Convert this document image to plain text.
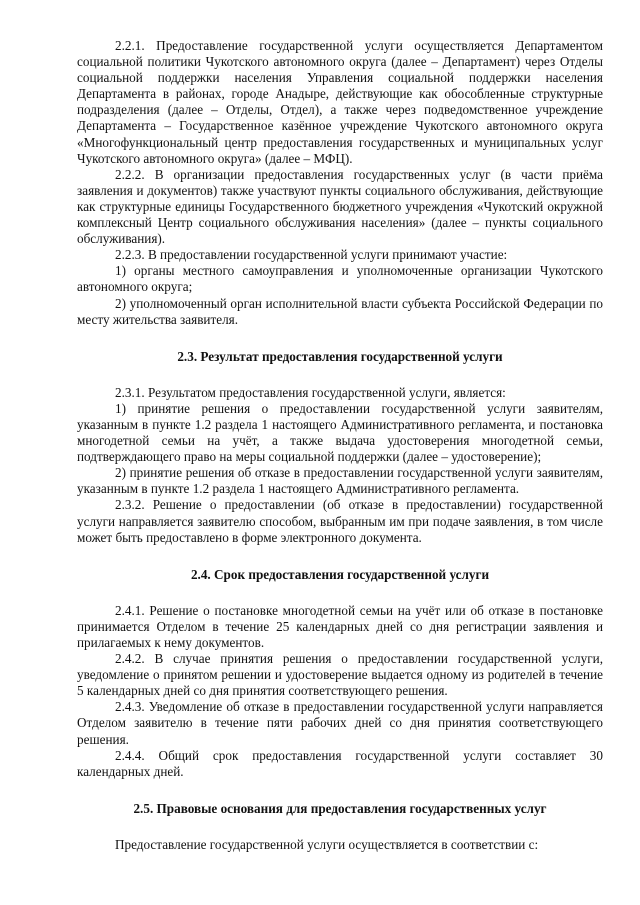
2.2.1. Предоставление государственной услуги осуществляется Департаментом социальной политики Чукотского автономного округа (далее – Департамент) через Отделы социальной поддержки населения Управления социальной поддержки населения Департамента в районах, городе Анадыре, действующие как обособленные структурные подразделения (далее – Отделы, Отдел), а также через подведомственное учреждение Департамента – Государственное казённое учреждение Чукотского автономного округа «Многофункциональный центр предоставления государственных и муниципальных услуг Чукотского автономного округа» (далее – МФЦ).

2.2.2. В организации предоставления государственных услуг (в части приёма заявления и документов) также участвуют пункты социального обслуживания, действующие как структурные единицы Государственного бюджетного учреждения «Чукотский окружной комплексный Центр социального обслуживания населения» (далее – пункты социального обслуживания).

2.2.3. В предоставлении государственной услуги принимают участие:

1) органы местного самоуправления и уполномоченные организации Чукотского автономного округа;

2) уполномоченный орган исполнительной власти субъекта Российской Федерации по месту жительства заявителя.

2.3. Результат предоставления государственной услуги

2.3.1. Результатом предоставления государственной услуги, является:

1) принятие решения о предоставлении государственной услуги заявителям, указанным в пункте 1.2 раздела 1 настоящего Административного регламента, и постановка многодетной семьи на учёт, а также выдача удостоверения многодетной семьи, подтверждающего право на меры социальной поддержки (далее – удостоверение);

2) принятие решения об отказе в предоставлении государственной услуги заявителям, указанным в пункте 1.2 раздела 1 настоящего Административного регламента.

2.3.2. Решение о предоставлении (об отказе в предоставлении) государственной услуги направляется заявителю способом, выбранным им при подаче заявления, в том числе может быть предоставлено в форме электронного документа.

2.4. Срок предоставления государственной услуги

2.4.1. Решение о постановке многодетной семьи на учёт или об отказе в постановке принимается Отделом в течение 25 календарных дней со дня регистрации заявления и прилагаемых к нему документов.

2.4.2. В случае принятия решения о предоставлении государственной услуги, уведомление о принятом решении и удостоверение выдается одному из родителей в течение 5 календарных дней со дня принятия соответствующего решения.

2.4.3. Уведомление об отказе в предоставлении государственной услуги направляется Отделом заявителю в течение пяти рабочих дней со дня принятия соответствующего решения.

2.4.4. Общий срок предоставления государственной услуги составляет 30 календарных дней.

2.5. Правовые основания для предоставления государственных услуг

Предоставление государственной услуги осуществляется в соответствии с:
